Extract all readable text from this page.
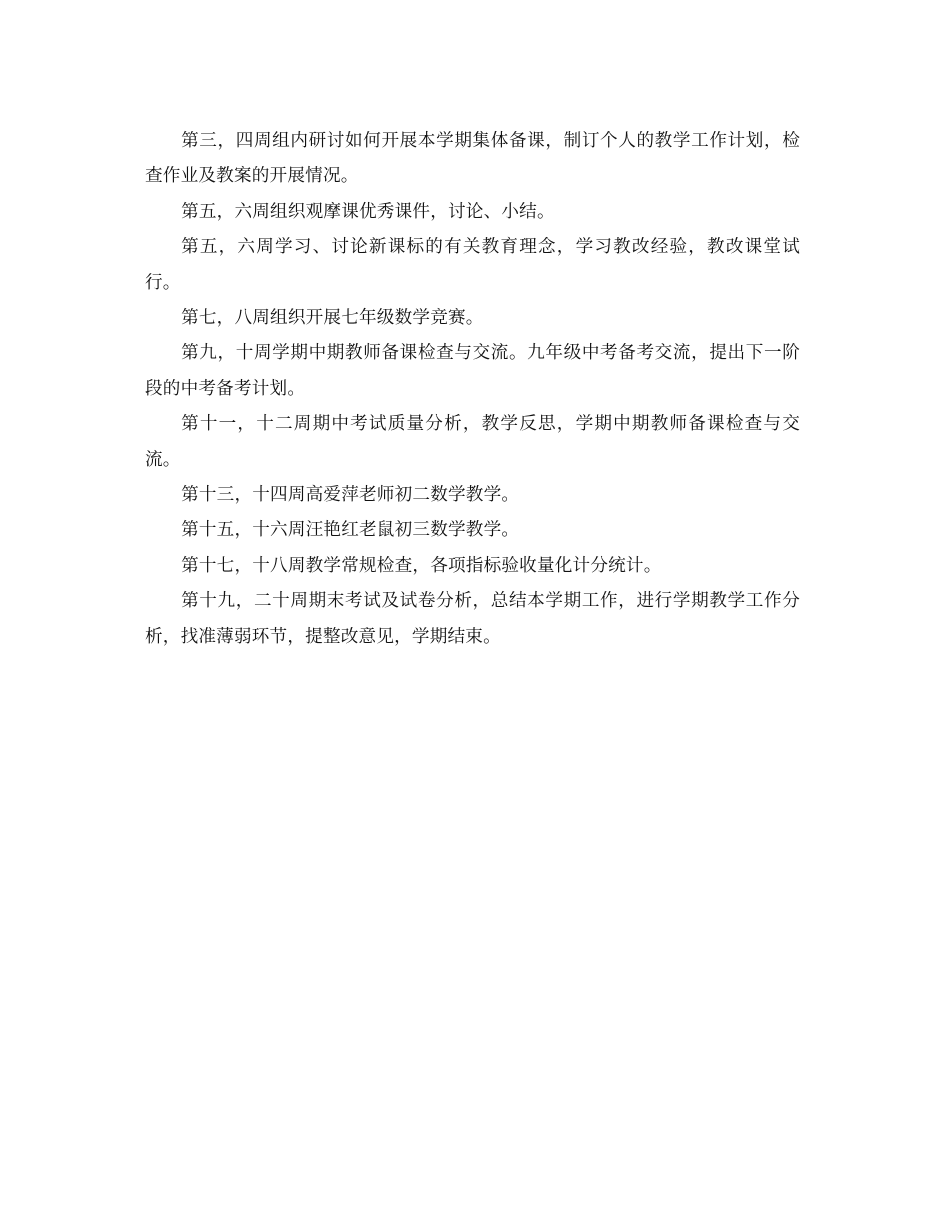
第三，四周组内研讨如何开展本学期集体备课，制订个人的教学工作计划，检查作业及教案的开展情况。

第五，六周组织观摩课优秀课件，讨论、小结。

第五，六周学习、讨论新课标的有关教育理念，学习教改经验，教改课堂试行。

第七，八周组织开展七年级数学竞赛。

第九，十周学期中期教师备课检查与交流。九年级中考备考交流，提出下一阶段的中考备考计划。

第十一，十二周期中考试质量分析，教学反思，学期中期教师备课检查与交流。

第十三，十四周高爱萍老师初二数学教学。

第十五，十六周汪艳红老鼠初三数学教学。

第十七，十八周教学常规检查，各项指标验收量化计分统计。

第十九，二十周期末考试及试卷分析，总结本学期工作，进行学期教学工作分析，找准薄弱环节，提整改意见，学期结束。
